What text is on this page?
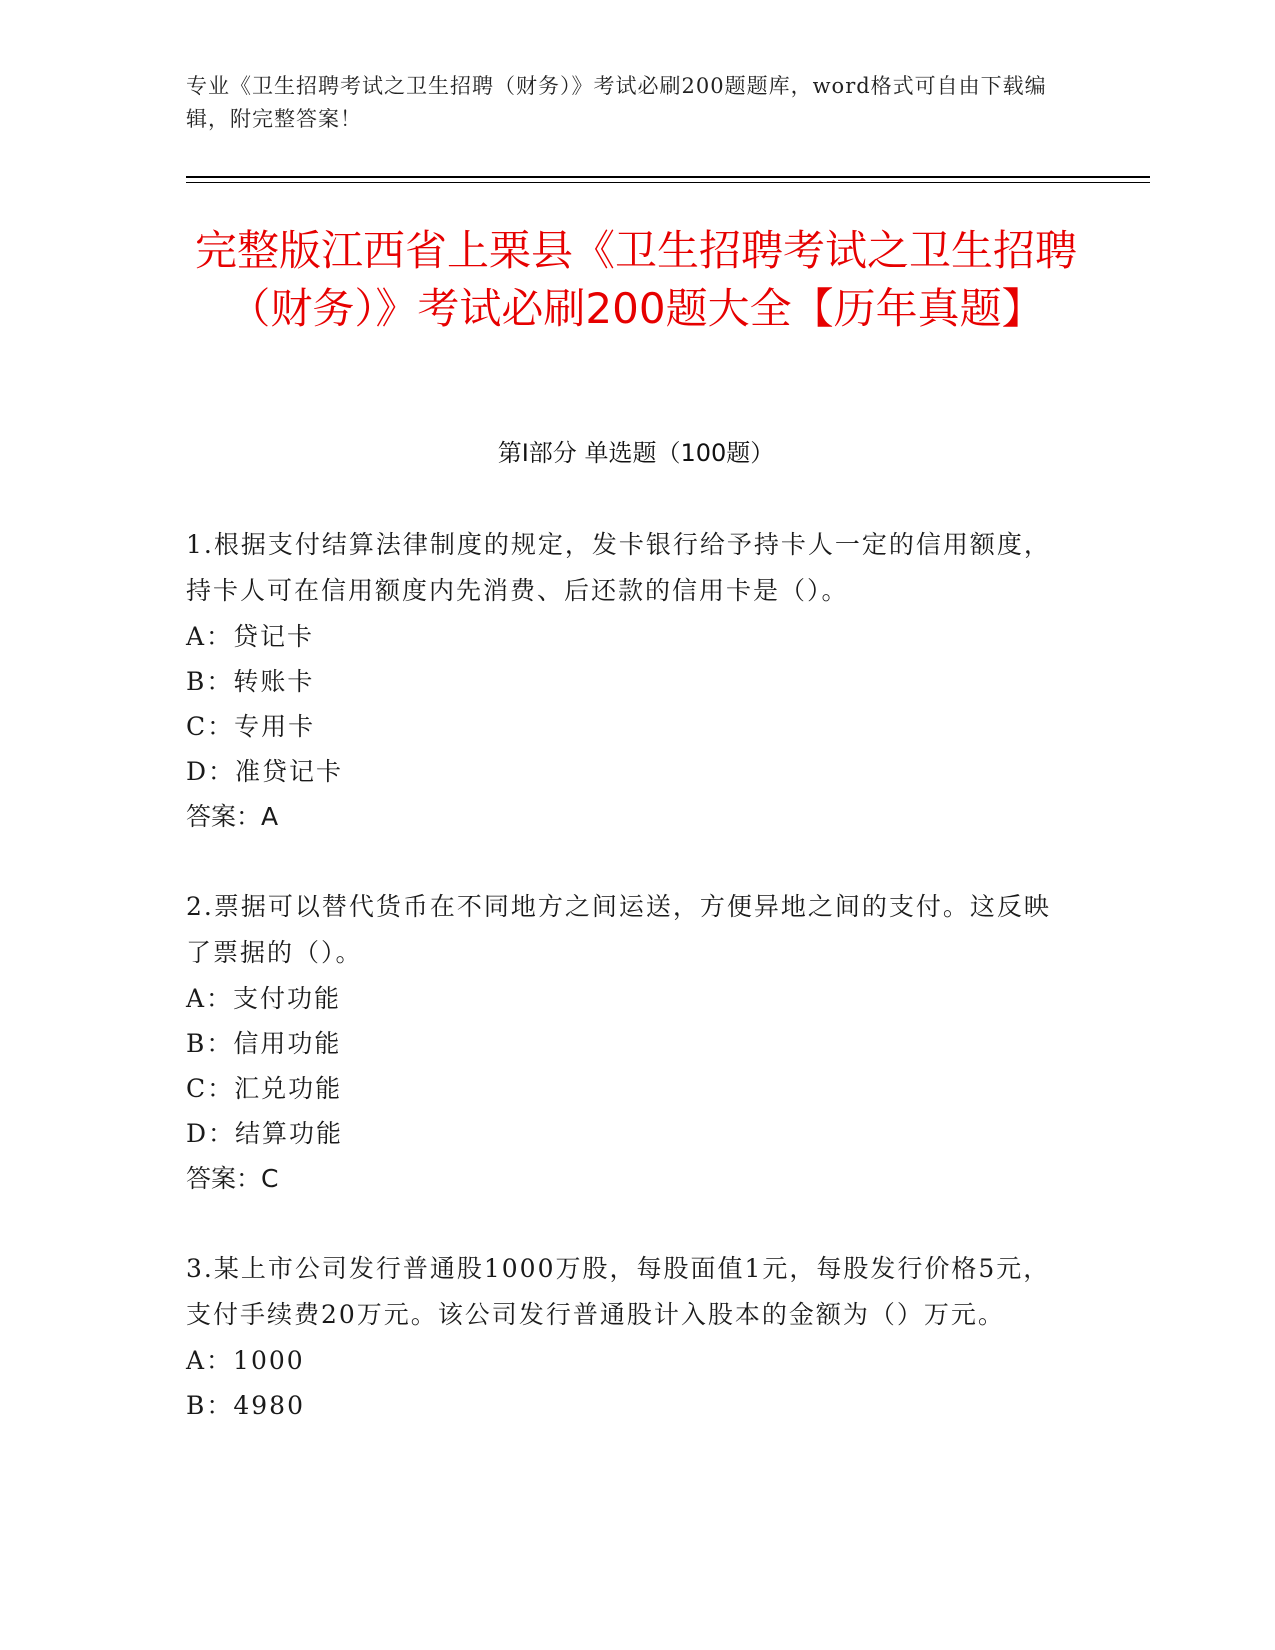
专业《卫生招聘考试之卫生招聘（财务）》考试必刷200题题库，word格式可自由下载编辑，附完整答案！
完整版江西省上栗县《卫生招聘考试之卫生招聘（财务）》考试必刷200题大全【历年真题】
第Ⅰ部分 单选题（100题）

1.根据支付结算法律制度的规定，发卡银行给予持卡人一定的信用额度，持卡人可在信用额度内先消费、后还款的信用卡是（）。

A：贷记卡

B：转账卡

C：专用卡

D：准贷记卡

答案：A

2.票据可以替代货币在不同地方之间运送，方便异地之间的支付。这反映了票据的（）。

A：支付功能

B：信用功能

C：汇兑功能

D：结算功能

答案：C

3.某上市公司发行普通股1000万股，每股面值1元，每股发行价格5元，支付手续费20万元。该公司发行普通股计入股本的金额为（）万元。

A：1000

B：4980
